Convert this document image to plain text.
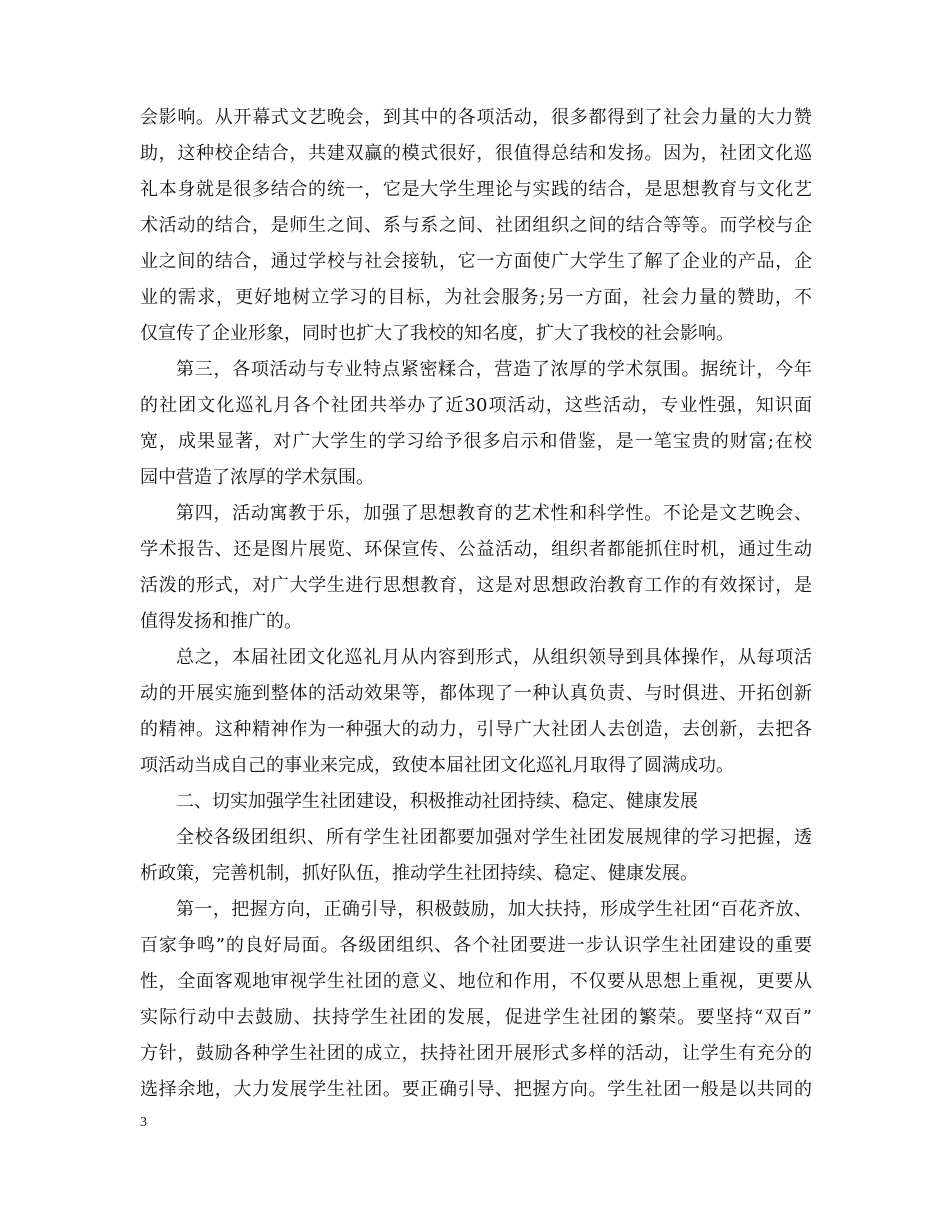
会影响。从开幕式文艺晚会，到其中的各项活动，很多都得到了社会力量的大力赞

助，这种校企结合，共建双赢的模式很好，很值得总结和发扬。因为，社团文化巡

礼本身就是很多结合的统一，它是大学生理论与实践的结合，是思想教育与文化艺

术活动的结合，是师生之间、系与系之间、社团组织之间的结合等等。而学校与企

业之间的结合，通过学校与社会接轨，它一方面使广大学生了解了企业的产品，企

业的需求，更好地树立学习的目标，为社会服务;另一方面，社会力量的赞助，不

仅宣传了企业形象，同时也扩大了我校的知名度，扩大了我校的社会影响。

第三，各项活动与专业特点紧密糅合，营造了浓厚的学术氛围。据统计，今年

的社团文化巡礼月各个社团共举办了近30项活动，这些活动，专业性强，知识面

宽，成果显著，对广大学生的学习给予很多启示和借鉴，是一笔宝贵的财富;在校

园中营造了浓厚的学术氛围。

第四，活动寓教于乐，加强了思想教育的艺术性和科学性。不论是文艺晚会、

学术报告、还是图片展览、环保宣传、公益活动，组织者都能抓住时机，通过生动

活泼的形式，对广大学生进行思想教育，这是对思想政治教育工作的有效探讨，是

值得发扬和推广的。

总之，本届社团文化巡礼月从内容到形式，从组织领导到具体操作，从每项活

动的开展实施到整体的活动效果等，都体现了一种认真负责、与时俱进、开拓创新

的精神。这种精神作为一种强大的动力，引导广大社团人去创造，去创新，去把各

项活动当成自己的事业来完成，致使本届社团文化巡礼月取得了圆满成功。

二、切实加强学生社团建设，积极推动社团持续、稳定、健康发展

全校各级团组织、所有学生社团都要加强对学生社团发展规律的学习把握，透

析政策，完善机制，抓好队伍，推动学生社团持续、稳定、健康发展。

第一，把握方向，正确引导，积极鼓励，加大扶持，形成学生社团“百花齐放、

百家争鸣”的良好局面。各级团组织、各个社团要进一步认识学生社团建设的重要

性，全面客观地审视学生社团的意义、地位和作用，不仅要从思想上重视，更要从

实际行动中去鼓励、扶持学生社团的发展，促进学生社团的繁荣。要坚持“双百”

方针，鼓励各种学生社团的成立，扶持社团开展形式多样的活动，让学生有充分的

选择余地，大力发展学生社团。要正确引导、把握方向。学生社团一般是以共同的

3
